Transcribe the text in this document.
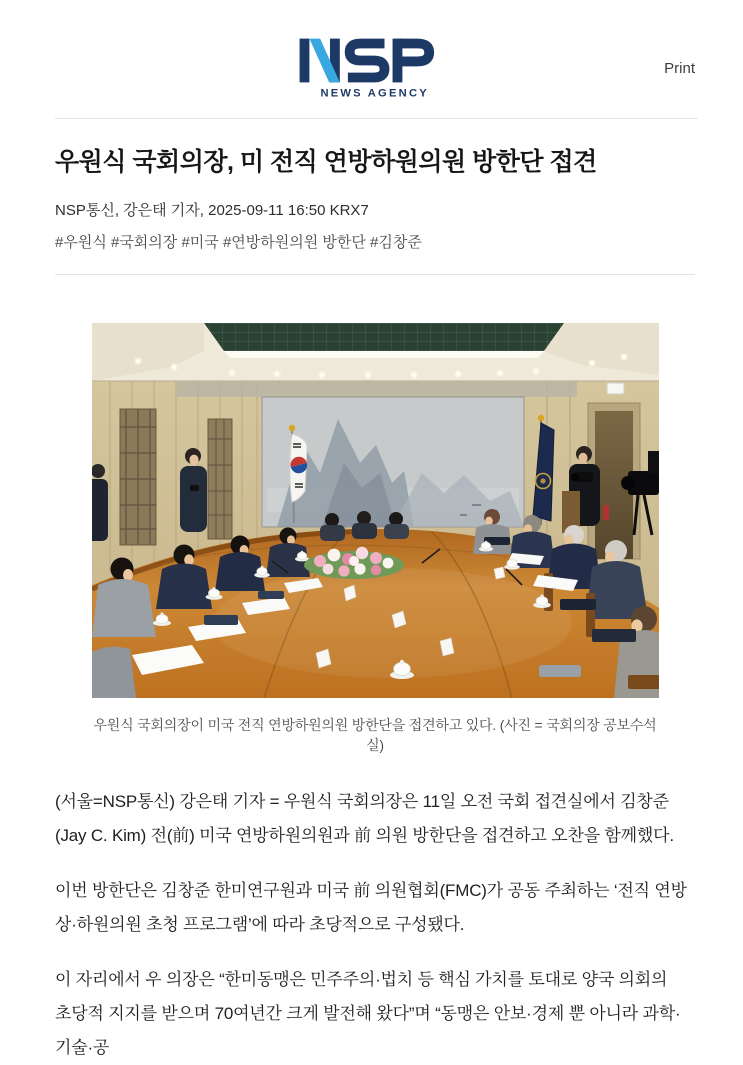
NEWS AGENCY
Print
우원식 국회의장, 미 전직 연방하원의원 방한단 접견

NSP통신, 강은태 기자, 2025-09-11 16:50 KRX7

#우원식 #국회의장 #미국 #연방하원의원 방한단 #김창준

우원식 국회의장이 미국 전직 연방하원의원 방한단을 접견하고 있다. (사진 = 국회의장 공보수석실)

(서울=NSP통신) 강은태 기자 = 우원식 국회의장은 11일 오전 국회 접견실에서 김창준(Jay C. Kim) 전(前) 미국 연방하원의원과 前 의원 방한단을 접견하고 오찬을 함께했다.

이번 방한단은 김창준 한미연구원과 미국 前 의원협회(FMC)가 공동 주최하는 ‘전직 연방 상·하원의원 초청 프로그램’에 따라 초당적으로 구성됐다.

이 자리에서 우 의장은 “한미동맹은 민주주의·법치 등 핵심 가치를 토대로 양국 의회의 초당적 지지를 받으며 70여년간 크게 발전해 왔다”며 “동맹은 안보·경제 뿐 아니라 과학·기술·공
